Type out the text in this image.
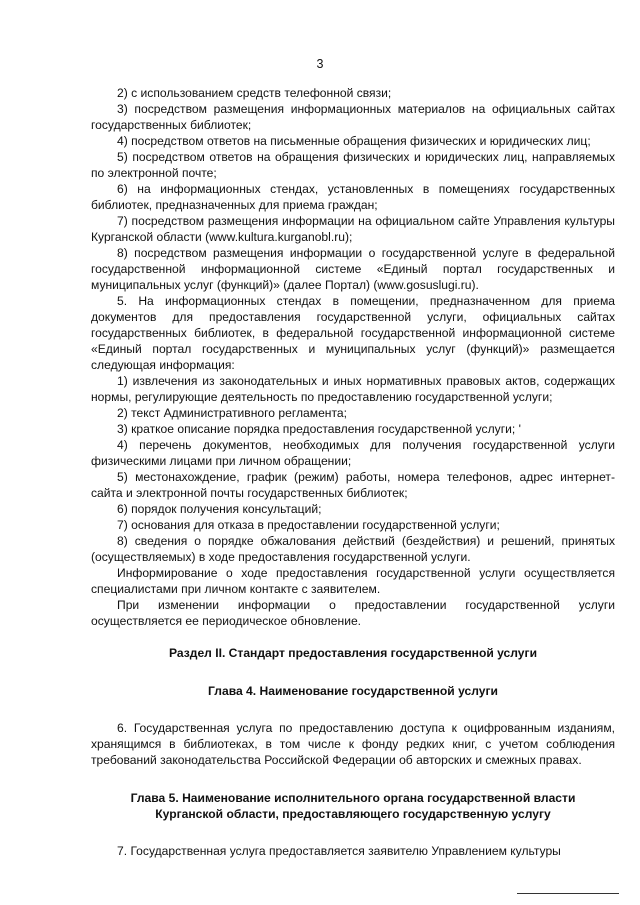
3

2) с использованием средств телефонной связи;

3) посредством размещения информационных материалов на официальных сайтах государственных библиотек;

4) посредством ответов на письменные обращения физических и юридических лиц;

5) посредством ответов на обращения физических и юридических лиц, направляемых по электронной почте;

6) на информационных стендах, установленных в помещениях государственных библиотек, предназначенных для приема граждан;

7) посредством размещения информации на официальном сайте Управления культуры Курганской области (www.kultura.kurganobl.ru);

8) посредством размещения информации о государственной услуге в федеральной государственной информационной системе «Единый портал государственных и муниципальных услуг (функций)» (далее Портал) (www.gosuslugi.ru).

5. На информационных стендах в помещении, предназначенном для приема документов для предоставления государственной услуги, официальных сайтах государственных библиотек, в федеральной государственной информационной системе «Единый портал государственных и муниципальных услуг (функций)» размещается следующая информация:

1) извлечения из законодательных и иных нормативных правовых актов, содержащих нормы, регулирующие деятельность по предоставлению государственной услуги;

2) текст Административного регламента;

3) краткое описание порядка предоставления государственной услуги; '

4) перечень документов, необходимых для получения государственной услуги физическими лицами при личном обращении;

5) местонахождение, график (режим) работы, номера телефонов, адрес интернет-сайта и электронной почты государственных библиотек;

6) порядок получения консультаций;

7) основания для отказа в предоставлении государственной услуги;

8) сведения о порядке обжалования действий (бездействия) и решений, принятых (осуществляемых) в ходе предоставления государственной услуги.

Информирование о ходе предоставления государственной услуги осуществляется специалистами при личном контакте с заявителем.

При изменении информации о предоставлении государственной услуги осуществляется ее периодическое обновление.

Раздел II. Стандарт предоставления государственной услуги

Глава 4. Наименование государственной услуги

6. Государственная услуга по предоставлению доступа к оцифрованным изданиям, хранящимся в библиотеках, в том числе к фонду редких книг, с учетом соблюдения требований законодательства Российской Федерации об авторских и смежных правах.

Глава 5. Наименование исполнительного органа государственной власти

Курганской области, предоставляющего государственную услугу

7. Государственная услуга предоставляется заявителю Управлением культуры
